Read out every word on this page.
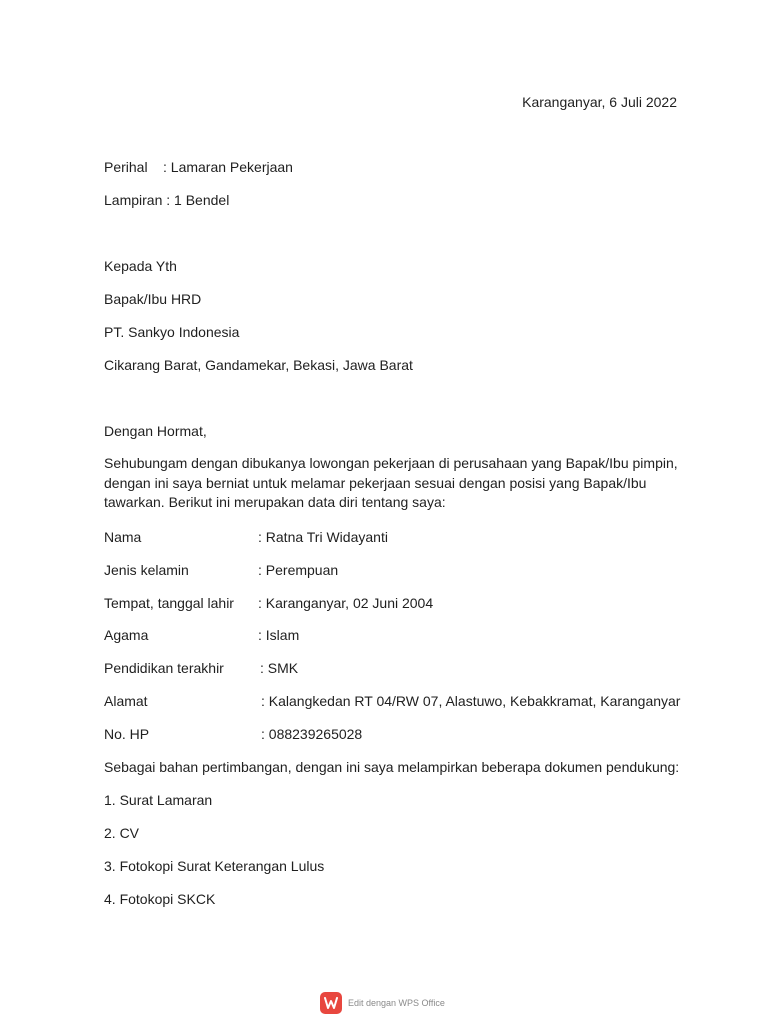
Karanganyar, 6 Juli 2022
Perihal : Lamaran Pekerjaan
Lampiran : 1 Bendel
Kepada Yth
Bapak/Ibu HRD
PT. Sankyo Indonesia
Cikarang Barat, Gandamekar, Bekasi, Jawa Barat
Dengan Hormat,
Sehubungam dengan dibukanya lowongan pekerjaan di perusahaan yang Bapak/Ibu pimpin,
dengan ini saya berniat untuk melamar pekerjaan sesuai dengan posisi yang Bapak/Ibu
tawarkan. Berikut ini merupakan data diri tentang saya:
Nama	: Ratna Tri Widayanti
Jenis kelamin	: Perempuan
Tempat, tanggal lahir : Karanganyar, 02 Juni 2004
Agama	: Islam
Pendidikan terakhir	: SMK
Alamat	: Kalangkedan RT 04/RW 07, Alastuwo, Kebakkramat, Karanganyar
No. HP	: 088239265028
Sebagai bahan pertimbangan, dengan ini saya melampirkan beberapa dokumen pendukung:
1. Surat Lamaran
2. CV
3. Fotokopi Surat Keterangan Lulus
4. Fotokopi SKCK
Edit dengan WPS Office
